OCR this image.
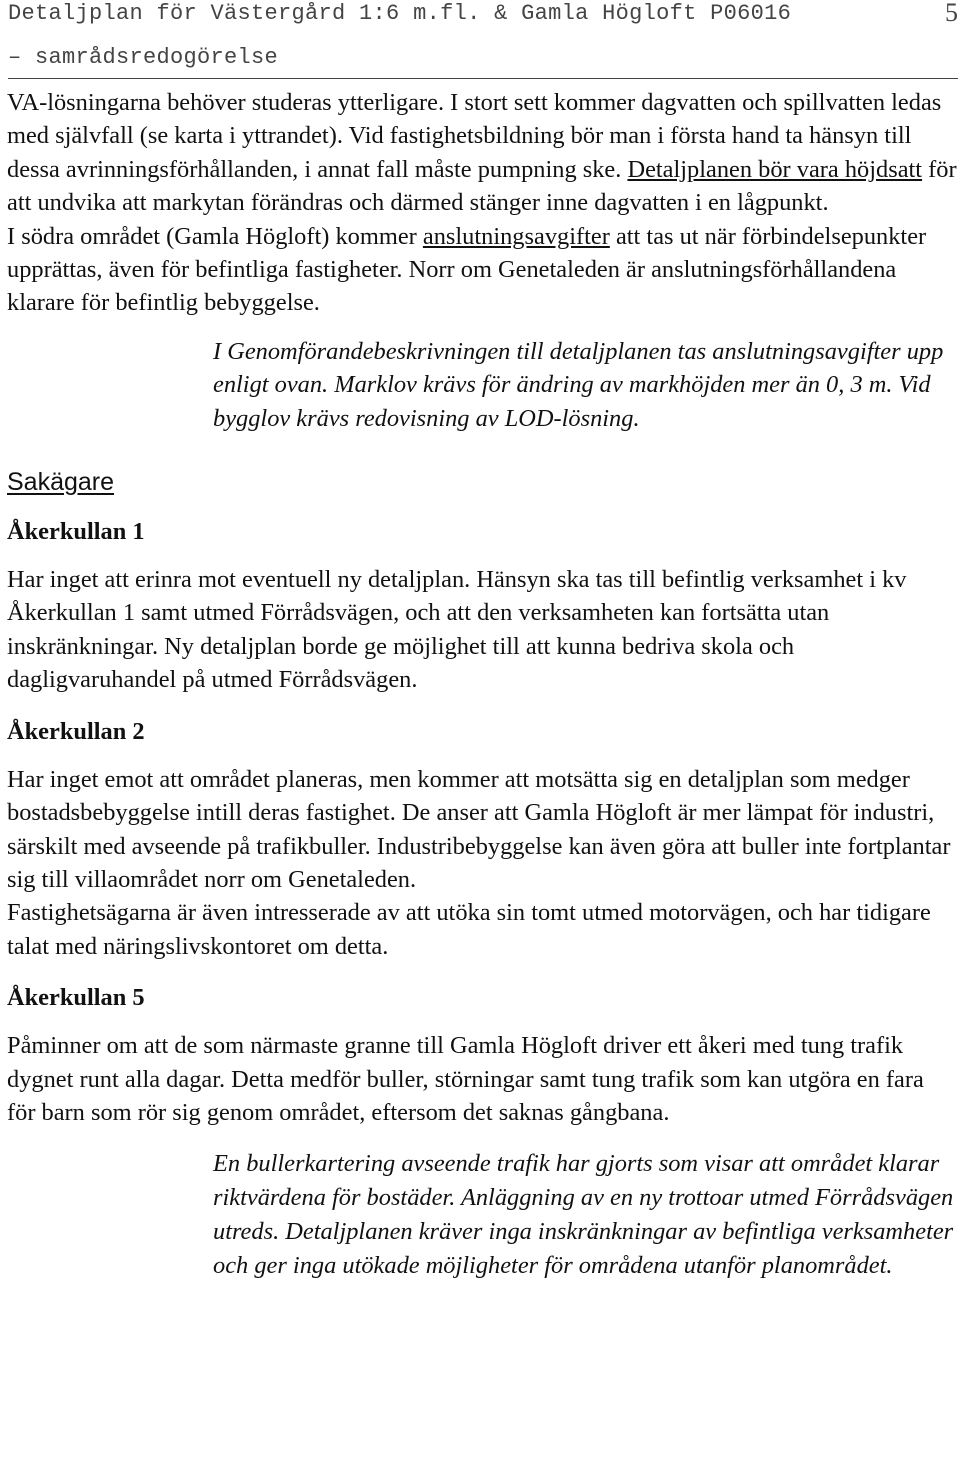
Detaljplan för Västergård 1:6 m.fl. & Gamla Högloft P06016
– samrådsredogörelse
5

VA-lösningarna behöver studeras ytterligare. I stort sett kommer dagvatten och spillvatten ledas med självfall (se karta i yttrandet). Vid fastighetsbildning bör man i första hand ta hänsyn till dessa avrinningsförhållanden, i annat fall måste pumpning ske. Detaljplanen bör vara höjdsatt för att undvika att markytan förändras och därmed stänger inne dagvatten i en lågpunkt.

I södra området (Gamla Högloft) kommer anslutningsavgifter att tas ut när förbindelsepunkter upprättas, även för befintliga fastigheter. Norr om Genetaleden är anslutningsförhållandena klarare för befintlig bebyggelse.

I Genomförandebeskrivningen till detaljplanen tas anslutningsavgifter upp enligt ovan. Marklov krävs för ändring av markhöjden mer än 0, 3 m. Vid bygglov krävs redovisning av LOD-lösning.

Sakägare
Åkerkullan 1

Har inget att erinra mot eventuell ny detaljplan. Hänsyn ska tas till befintlig verksamhet i kv Åkerkullan 1 samt utmed Förrådsvägen, och att den verksamheten kan fortsätta utan inskränkningar. Ny detaljplan borde ge möjlighet till att kunna bedriva skola och dagligvaruhandel på utmed Förrådsvägen.

Åkerkullan 2

Har inget emot att området planeras, men kommer att motsätta sig en detaljplan som medger bostadsbebyggelse intill deras fastighet. De anser att Gamla Högloft är mer lämpat för industri, särskilt med avseende på trafikbuller. Industribebyggelse kan även göra att buller inte fortplantar sig till villaområdet norr om Genetaleden.

Fastighetsägarna är även intresserade av att utöka sin tomt utmed motorvägen, och har tidigare talat med näringslivskontoret om detta.

Åkerkullan 5

Påminner om att de som närmaste granne till Gamla Högloft driver ett åkeri med tung trafik dygnet runt alla dagar. Detta medför buller, störningar samt tung trafik som kan utgöra en fara för barn som rör sig genom området, eftersom det saknas gångbana.

En bullerkartering avseende trafik har gjorts som visar att området klarar riktvärdena för bostäder. Anläggning av en ny trottoar utmed Förrådsvägen utreds. Detaljplanen kräver inga inskränkningar av befintliga verksamheter och ger inga utökade möjligheter för områdena utanför planområdet.
